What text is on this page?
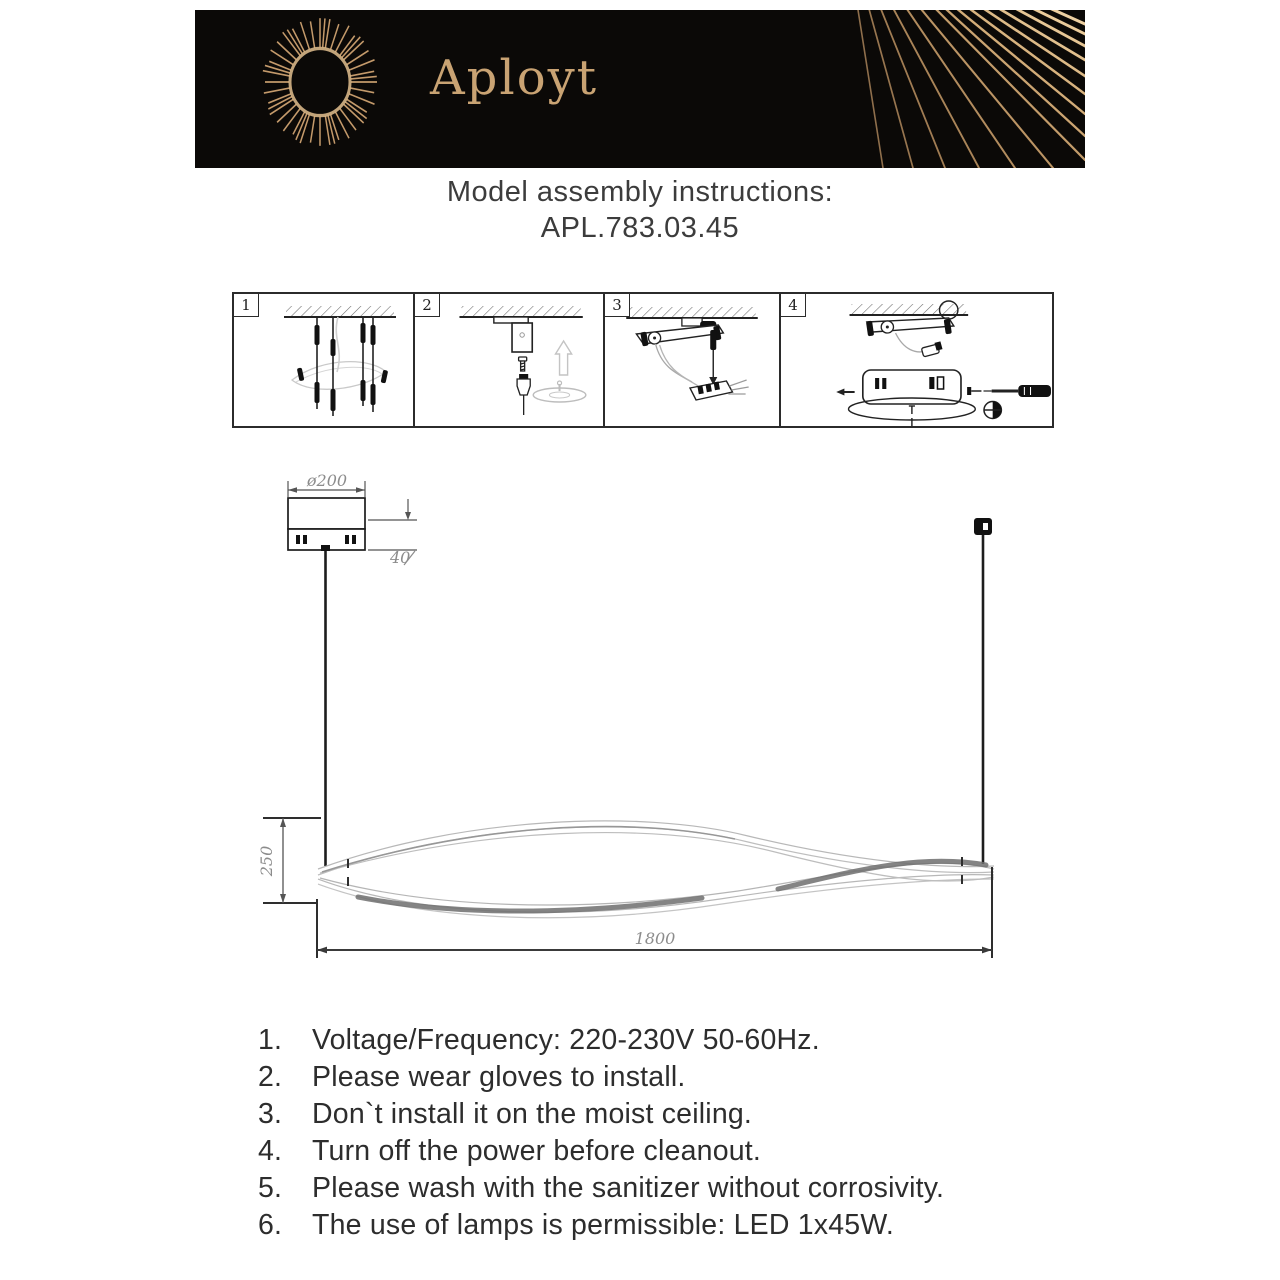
Aployt
Model assembly instructions:
APL.783.03.45
1	2	3	4
ø200
40
250
1800
1.	Voltage/Frequency: 220-230V 50-60Hz.
2.	Please wear gloves to install.
3.	Don`t install it on the moist ceiling.
4.	Turn off the power before cleanout.
5.	Please wash with the sanitizer without corrosivity.
6.	The use of lamps is permissible: LED 1x45W.
